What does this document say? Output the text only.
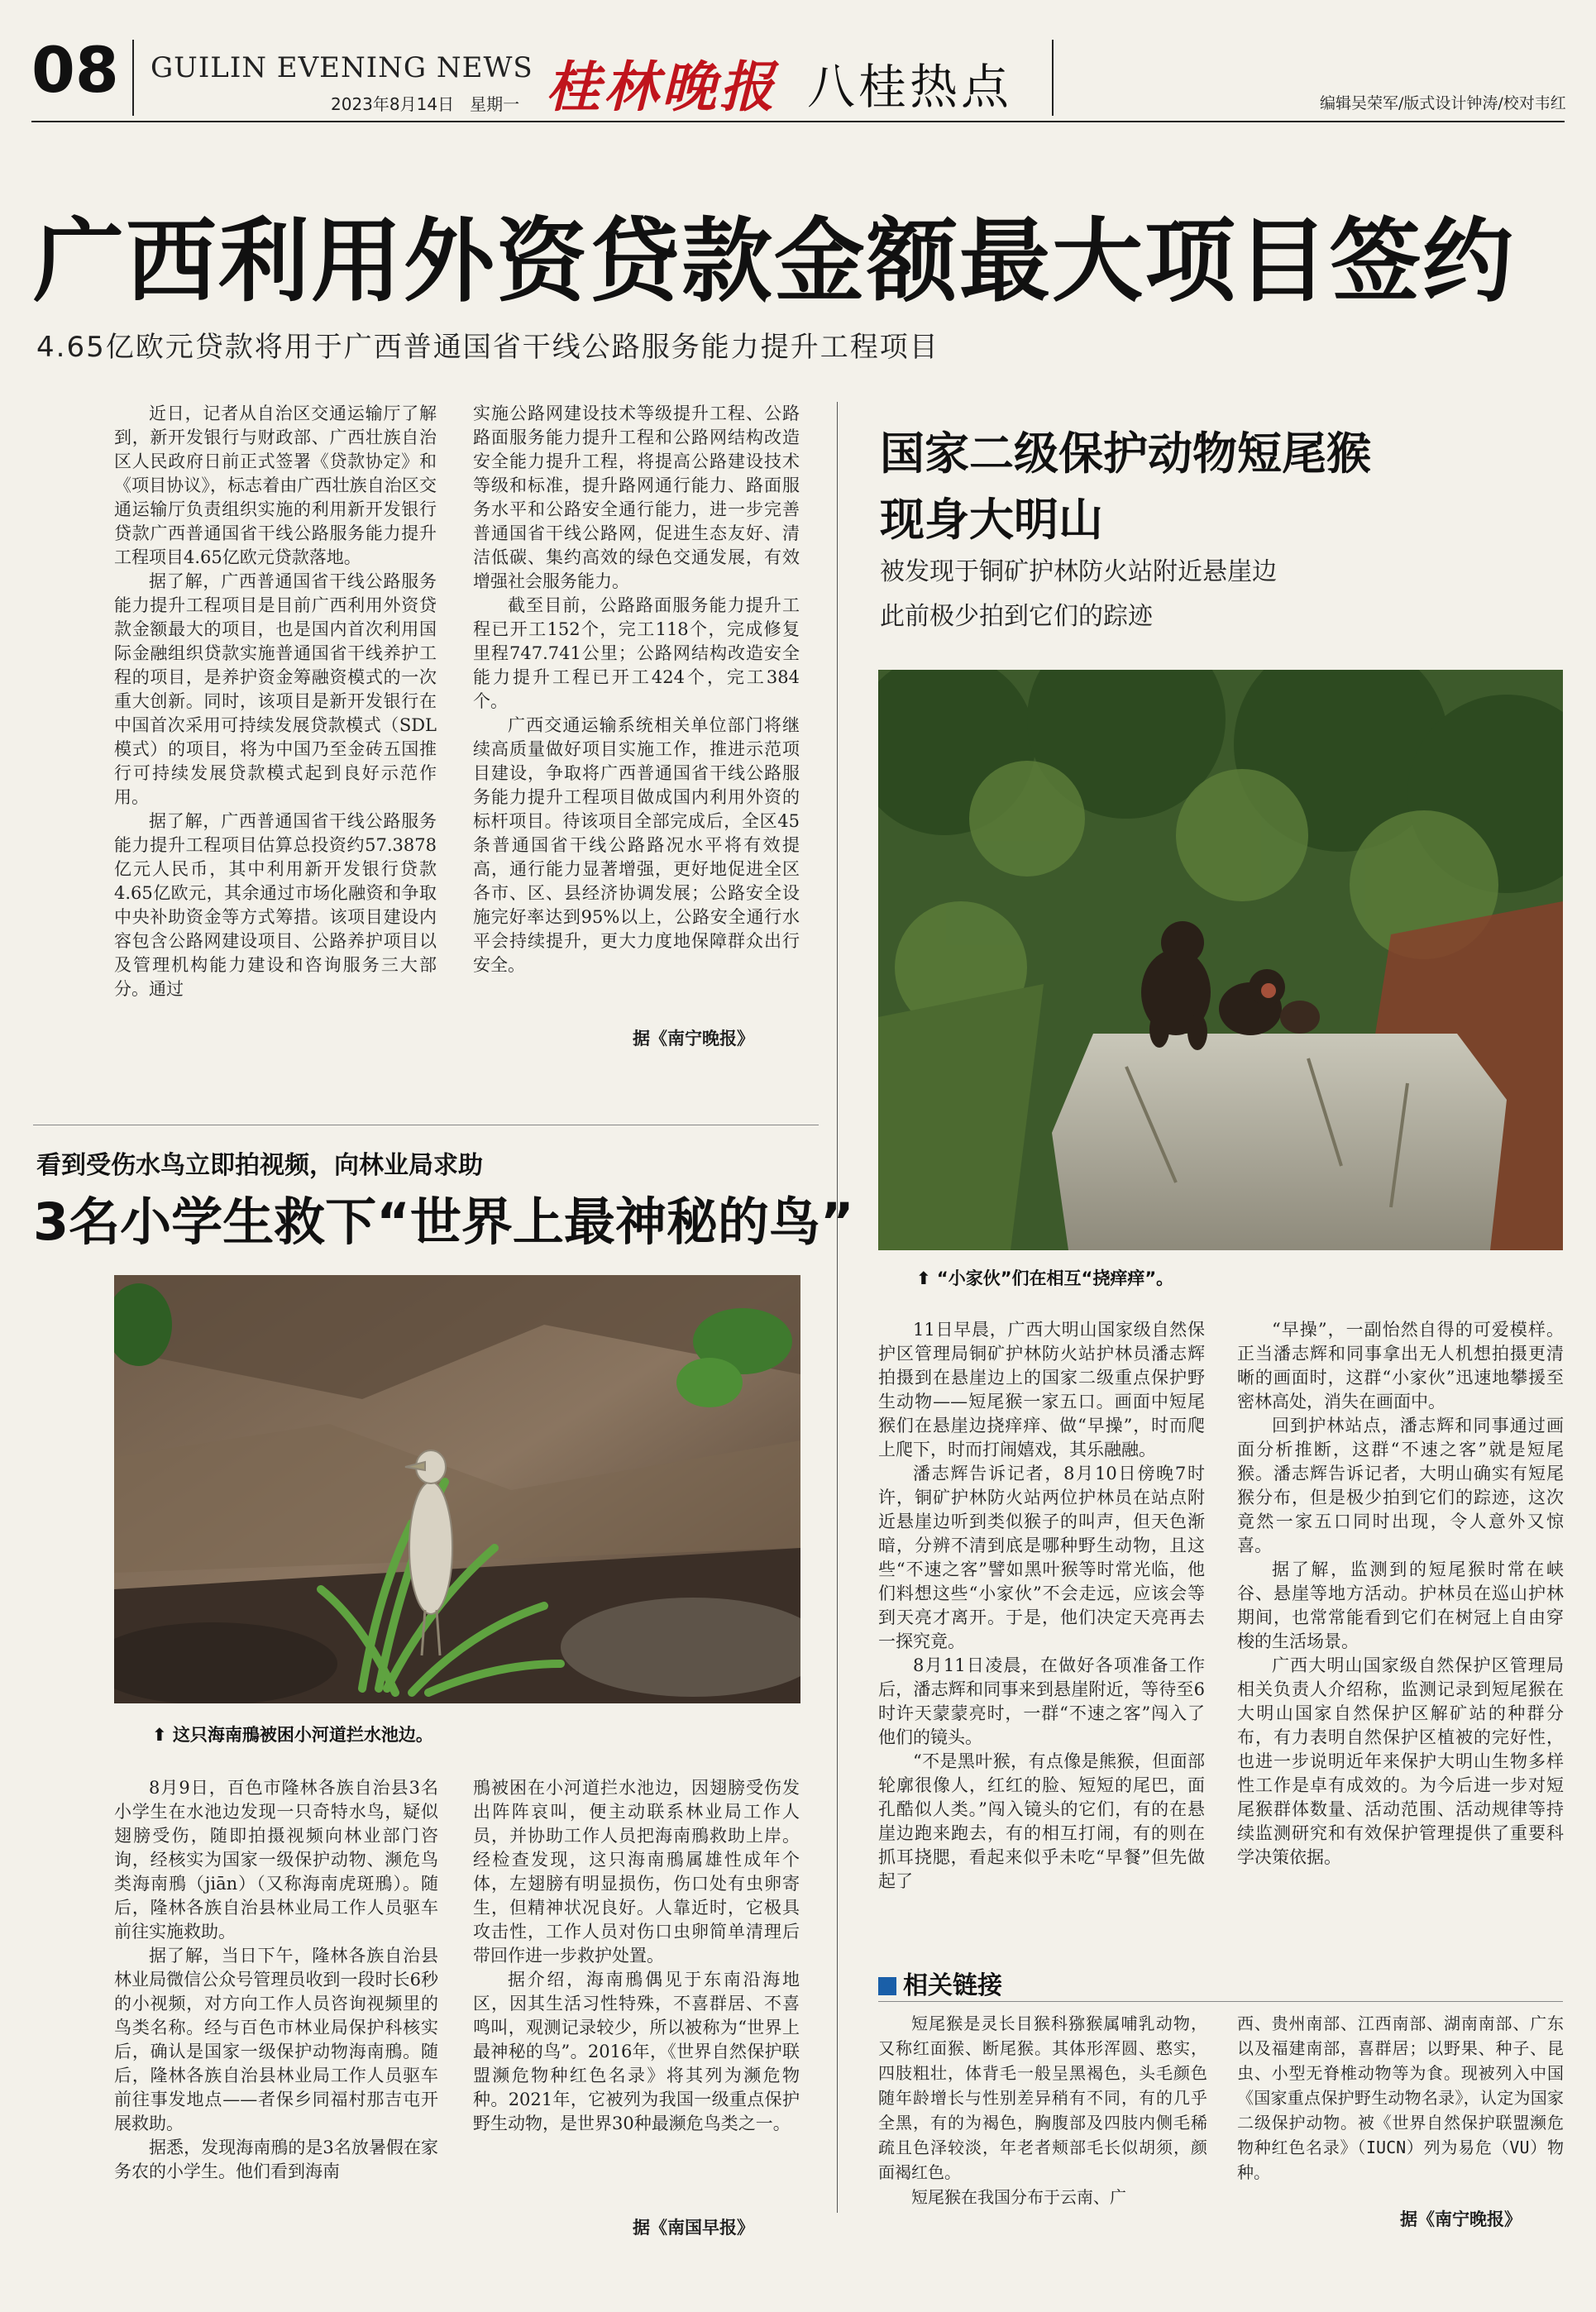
08 GUILIN EVENING NEWS
2023年8月14日 星期一 桂林晚报 八桂热点	编辑吴荣军/版式设计钟涛/校对韦红
广西利用外资贷款金额最大项目签约
4.65亿欧元贷款将用于广西普通国省干线公路服务能力提升工程项目

近日，记者从自治区交通运输厅了解到，新开发银行与财政部、广西壮族自治区人民政府日前正式签署《贷款协定》和《项目协议》，标志着由广西壮族自治区交通运输厅负责组织实施的利用新开发银行贷款广西普通国省干线公路服务能力提升工程项目4.65亿欧元贷款落地。

据了解，广西普通国省干线公路服务能力提升工程项目是目前广西利用外资贷款金额最大的项目，也是国内首次利用国际金融组织贷款实施普通国省干线养护工程的项目，是养护资金筹融资模式的一次重大创新。同时，该项目是新开发银行在中国首次采用可持续发展贷款模式（SDL模式）的项目，将为中国乃至金砖五国推行可持续发展贷款模式起到良好示范作用。

据了解，广西普通国省干线公路服务能力提升工程项目估算总投资约57.3878亿元人民币，其中利用新开发银行贷款4.65亿欧元，其余通过市场化融资和争取中央补助资金等方式筹措。该项目建设内容包含公路网建设项目、公路养护项目以及管理机构能力建设和咨询服务三大部分。通过

实施公路网建设技术等级提升工程、公路路面服务能力提升工程和公路网结构改造安全能力提升工程，将提高公路建设技术等级和标准，提升路网通行能力、路面服务水平和公路安全通行能力，进一步完善普通国省干线公路网，促进生态友好、清洁低碳、集约高效的绿色交通发展，有效增强社会服务能力。

截至目前，公路路面服务能力提升工程已开工152个，完工118个，完成修复里程747.741公里；公路网结构改造安全能力提升工程已开工424个，完工384个。

广西交通运输系统相关单位部门将继续高质量做好项目实施工作，推进示范项目建设，争取将广西普通国省干线公路服务能力提升工程项目做成国内利用外资的标杆项目。待该项目全部完成后，全区45条普通国省干线公路路况水平将有效提高，通行能力显著增强，更好地促进全区各市、区、县经济协调发展；公路安全设施完好率达到95%以上，公路安全通行水平会持续提升，更大力度地保障群众出行安全。

据《南宁晚报》
看到受伤水鸟立即拍视频，向林业局求助
3名小学生救下“世界上最神秘的鸟”
⬆ 这只海南鳽被困小河道拦水池边。

8月9日，百色市隆林各族自治县3名小学生在水池边发现一只奇特水鸟，疑似翅膀受伤，随即拍摄视频向林业部门咨询，经核实为国家一级保护动物、濒危鸟类海南鳽（jiān）（又称海南虎斑鳽）。随后，隆林各族自治县林业局工作人员驱车前往实施救助。

据了解，当日下午，隆林各族自治县林业局微信公众号管理员收到一段时长6秒的小视频，对方向工作人员咨询视频里的鸟类名称。经与百色市林业局保护科核实后，确认是国家一级保护动物海南鳽。随后，隆林各族自治县林业局工作人员驱车前往事发地点——者保乡同福村那吉屯开展救助。

据悉，发现海南鳽的是3名放暑假在家务农的小学生。他们看到海南

鳽被困在小河道拦水池边，因翅膀受伤发出阵阵哀叫，便主动联系林业局工作人员，并协助工作人员把海南鳽救助上岸。经检查发现，这只海南鳽属雄性成年个体，左翅膀有明显损伤，伤口处有虫卵寄生，但精神状况良好。人靠近时，它极具攻击性，工作人员对伤口虫卵简单清理后带回作进一步救护处置。

据介绍，海南鳽偶见于东南沿海地区，因其生活习性特殊，不喜群居、不喜鸣叫，观测记录较少，所以被称为“世界上最神秘的鸟”。2016年，《世界自然保护联盟濒危物种红色名录》将其列为濒危物种。2021年，它被列为我国一级重点保护野生动物，是世界30种最濒危鸟类之一。

据《南国早报》
国家二级保护动物短尾猴
现身大明山
被发现于铜矿护林防火站附近悬崖边
此前极少拍到它们的踪迹
⬆ “小家伙”们在相互“挠痒痒”。

11日早晨，广西大明山国家级自然保护区管理局铜矿护林防火站护林员潘志辉拍摄到在悬崖边上的国家二级重点保护野生动物——短尾猴一家五口。画面中短尾猴们在悬崖边挠痒痒、做“早操”，时而爬上爬下，时而打闹嬉戏，其乐融融。

潘志辉告诉记者，8月10日傍晚7时许，铜矿护林防火站两位护林员在站点附近悬崖边听到类似猴子的叫声，但天色渐暗，分辨不清到底是哪种野生动物，且这些“不速之客”譬如黑叶猴等时常光临，他们料想这些“小家伙”不会走远，应该会等到天亮才离开。于是，他们决定天亮再去一探究竟。

8月11日凌晨，在做好各项准备工作后，潘志辉和同事来到悬崖附近，等待至6时许天蒙蒙亮时，一群“不速之客”闯入了他们的镜头。

“不是黑叶猴，有点像是熊猴，但面部轮廓很像人，红红的脸、短短的尾巴，面孔酷似人类。”闯入镜头的它们，有的在悬崖边跑来跑去，有的相互打闹，有的则在抓耳挠腮，看起来似乎未吃“早餐”但先做起了

“早操”，一副怡然自得的可爱模样。正当潘志辉和同事拿出无人机想拍摄更清晰的画面时，这群“小家伙”迅速地攀援至密林高处，消失在画面中。

回到护林站点，潘志辉和同事通过画面分析推断，这群“不速之客”就是短尾猴。潘志辉告诉记者，大明山确实有短尾猴分布，但是极少拍到它们的踪迹，这次竟然一家五口同时出现，令人意外又惊喜。

据了解，监测到的短尾猴时常在峡谷、悬崖等地方活动。护林员在巡山护林期间，也常常能看到它们在树冠上自由穿梭的生活场景。

广西大明山国家级自然保护区管理局相关负责人介绍称，监测记录到短尾猴在大明山国家自然保护区解矿站的种群分布，有力表明自然保护区植被的完好性，也进一步说明近年来保护大明山生物多样性工作是卓有成效的。为今后进一步对短尾猴群体数量、活动范围、活动规律等持续监测研究和有效保护管理提供了重要科学决策依据。

相关链接

短尾猴是灵长目猴科猕猴属哺乳动物，又称红面猴、断尾猴。其体形浑圆、憨实，四肢粗壮，体背毛一般呈黑褐色，头毛颜色随年龄增长与性别差异稍有不同，有的几乎全黑，有的为褐色，胸腹部及四肢内侧毛稀疏且色泽较淡，年老者颊部毛长似胡须，颜面褐红色。

短尾猴在我国分布于云南、广

西、贵州南部、江西南部、湖南南部、广东以及福建南部，喜群居；以野果、种子、昆虫、小型无脊椎动物等为食。现被列入中国《国家重点保护野生动物名录》，认定为国家二级保护动物。被《世界自然保护联盟濒危物种红色名录》（IUCN）列为易危（VU）物种。

据《南宁晚报》
